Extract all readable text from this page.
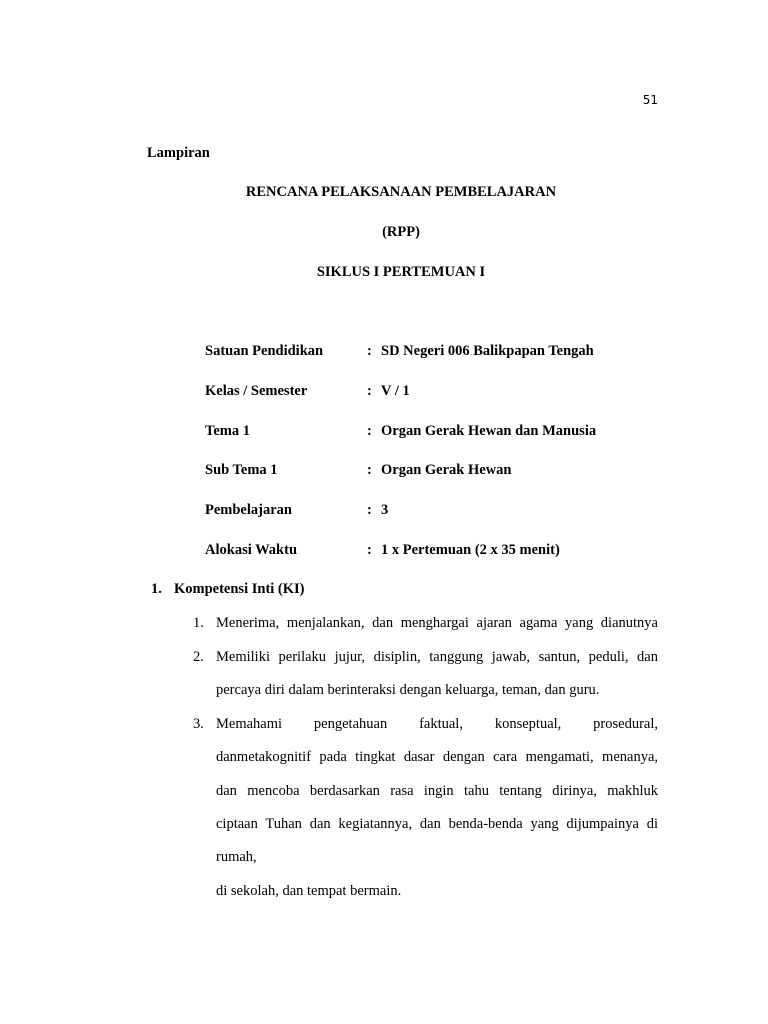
51
Lampiran
RENCANA PELAKSANAAN PEMBELAJARAN
(RPP)
SIKLUS I PERTEMUAN I
Satuan Pendidikan	: SD Negeri 006 Balikpapan Tengah
Kelas / Semester	: V / 1
Tema 1	: Organ Gerak Hewan dan Manusia
Sub Tema 1	: Organ Gerak Hewan
Pembelajaran	: 3
Alokasi Waktu	: 1 x Pertemuan (2 x 35 menit)
1. Kompetensi Inti (KI)
1. Menerima, menjalankan, dan menghargai ajaran agama yang dianutnya
2. Memiliki perilaku jujur, disiplin, tanggung jawab, santun, peduli, dan
percaya diri dalam berinteraksi dengan keluarga, teman, dan guru.
3. Memahami pengetahuan faktual, konseptual, prosedural,
danmetakognitif pada tingkat dasar dengan cara mengamati, menanya,
dan mencoba berdasarkan rasa ingin tahu tentang dirinya, makhluk
ciptaan Tuhan dan kegiatannya, dan benda-benda yang dijumpainya di
rumah,
di sekolah, dan tempat bermain.
